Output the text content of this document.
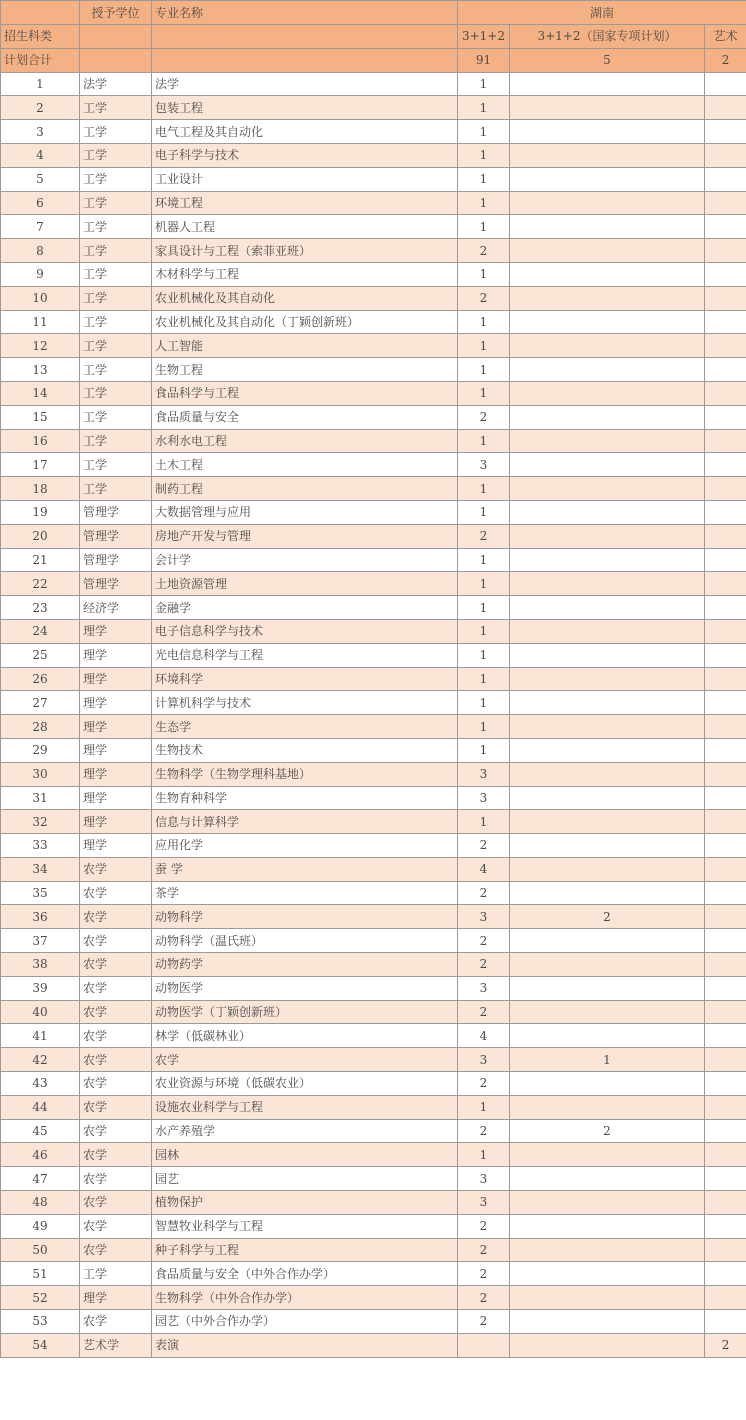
	授予学位	专业名称	湖南		
招生科类			3+1+2	3+1+2（国家专项计划）	艺术
计划合计			91	5	2
1	法学	法学	1		
2	工学	包装工程	1		
3	工学	电气工程及其自动化	1		
4	工学	电子科学与技术	1		
5	工学	工业设计	1		
6	工学	环境工程	1		
7	工学	机器人工程	1		
8	工学	家具设计与工程（索菲亚班）	2		
9	工学	木材科学与工程	1		
10	工学	农业机械化及其自动化	2		
11	工学	农业机械化及其自动化（丁颖创新班）	1		
12	工学	人工智能	1		
13	工学	生物工程	1		
14	工学	食品科学与工程	1		
15	工学	食品质量与安全	2		
16	工学	水利水电工程	1		
17	工学	土木工程	3		
18	工学	制药工程	1		
19	管理学	大数据管理与应用	1		
20	管理学	房地产开发与管理	2		
21	管理学	会计学	1		
22	管理学	土地资源管理	1		
23	经济学	金融学	1		
24	理学	电子信息科学与技术	1		
25	理学	光电信息科学与工程	1		
26	理学	环境科学	1		
27	理学	计算机科学与技术	1		
28	理学	生态学	1		
29	理学	生物技术	1		
30	理学	生物科学（生物学理科基地）	3		
31	理学	生物育种科学	3		
32	理学	信息与计算科学	1		
33	理学	应用化学	2		
34	农学	蚕 学	4		
35	农学	茶学	2		
36	农学	动物科学	3	2	
37	农学	动物科学（温氏班）	2		
38	农学	动物药学	2		
39	农学	动物医学	3		
40	农学	动物医学（丁颖创新班）	2		
41	农学	林学（低碳林业）	4		
42	农学	农学	3	1	
43	农学	农业资源与环境（低碳农业）	2		
44	农学	设施农业科学与工程	1		
45	农学	水产养殖学	2	2	
46	农学	园林	1		
47	农学	园艺	3		
48	农学	植物保护	3		
49	农学	智慧牧业科学与工程	2		
50	农学	种子科学与工程	2		
51	工学	食品质量与安全（中外合作办学）	2		
52	理学	生物科学（中外合作办学）	2		
53	农学	园艺（中外合作办学）	2		
54	艺术学	表演			2
